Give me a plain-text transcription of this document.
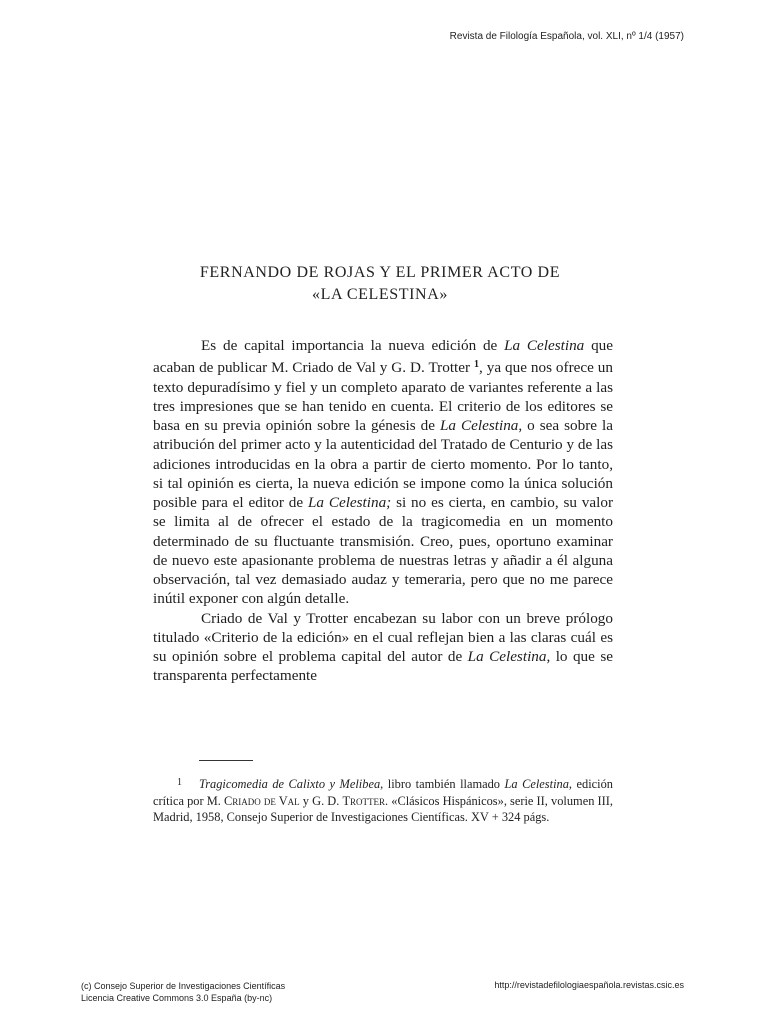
Revista de Filología Española, vol. XLI, nº 1/4 (1957)
FERNANDO DE ROJAS Y EL PRIMER ACTO DE
«LA CELESTINA»

Es de capital importancia la nueva edición de La Celestina que acaban de publicar M. Criado de Val y G. D. Trotter $^1$, ya que nos ofrece un texto depuradísimo y fiel y un completo aparato de variantes referente a las tres impresiones que se han tenido en cuenta. El criterio de los editores se basa en su previa opinión sobre la génesis de La Celestina, o sea sobre la atribución del primer acto y la autenticidad del Tratado de Centurio y de las adiciones introducidas en la obra a partir de cierto momento. Por lo tanto, si tal opinión es cierta, la nueva edición se impone como la única solución posible para el editor de La Celestina; si no es cierta, en cambio, su valor se limita al de ofrecer el estado de la tragicomedia en un momento determinado de su fluctuante transmisión. Creo, pues, oportuno examinar de nuevo este apasionante problema de nuestras letras y añadir a él alguna observación, tal vez demasiado audaz y temeraria, pero que no me parece inútil exponer con algún detalle.

Criado de Val y Trotter encabezan su labor con un breve prólogo titulado «Criterio de la edición» en el cual reflejan bien a las claras cuál es su opinión sobre el problema capital del autor de La Celestina, lo que se transparenta perfectamente

1 Tragicomedia de Calixto y Melibea, libro también llamado La Celestina, edición crítica por M. Criado de Val y G. D. Trotter. «Clásicos Hispánicos», serie II, volumen III, Madrid, 1958, Consejo Superior de Investigaciones Científicas. XV + 324 págs.

(c) Consejo Superior de Investigaciones Científicas
Licencia Creative Commons 3.0 España (by-nc)
http://revistadefilologiaespañola.revistas.csic.es
